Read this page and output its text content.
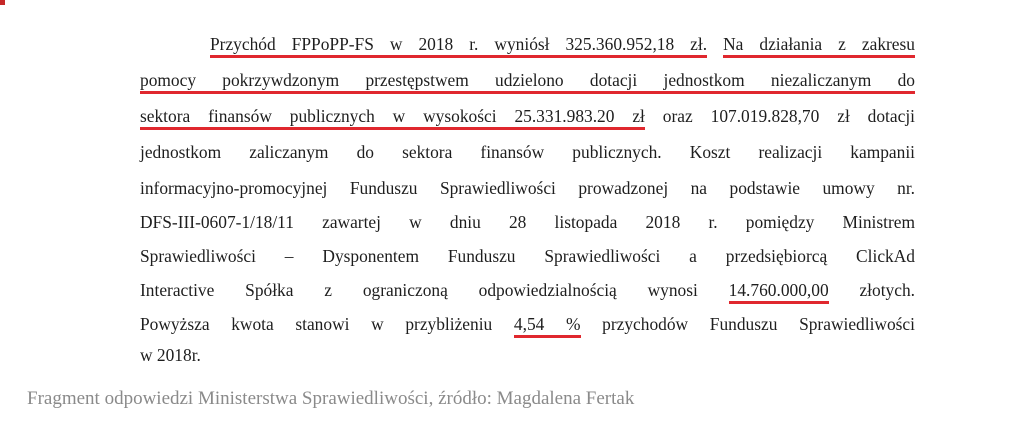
Przychód FPPoPP-FS w 2018 r. wyniósł 325.360.952,18 zł. Na działania z zakresu
pomocy pokrzywdzonym przestępstwem udzielono dotacji jednostkom niezaliczanym do
sektora finansów publicznych w wysokości 25.331.983.20 zł oraz 107.019.828,70 zł dotacji
jednostkom zaliczanym do sektora finansów publicznych. Koszt realizacji kampanii
informacyjno-promocyjnej Funduszu Sprawiedliwości prowadzonej na podstawie umowy nr.
DFS-III-0607-1/18/11 zawartej w dniu 28 listopada 2018 r. pomiędzy Ministrem
Sprawiedliwości – Dysponentem Funduszu Sprawiedliwości a przedsiębiorcą ClickAd
Interactive Spółka z ograniczoną odpowiedzialnością wynosi 14.760.000,00 złotych.
Powyższa kwota stanowi w przybliżeniu 4,54 % przychodów Funduszu Sprawiedliwości
w 2018r.
Fragment odpowiedzi Ministerstwa Sprawiedliwości, źródło: Magdalena Fertak
